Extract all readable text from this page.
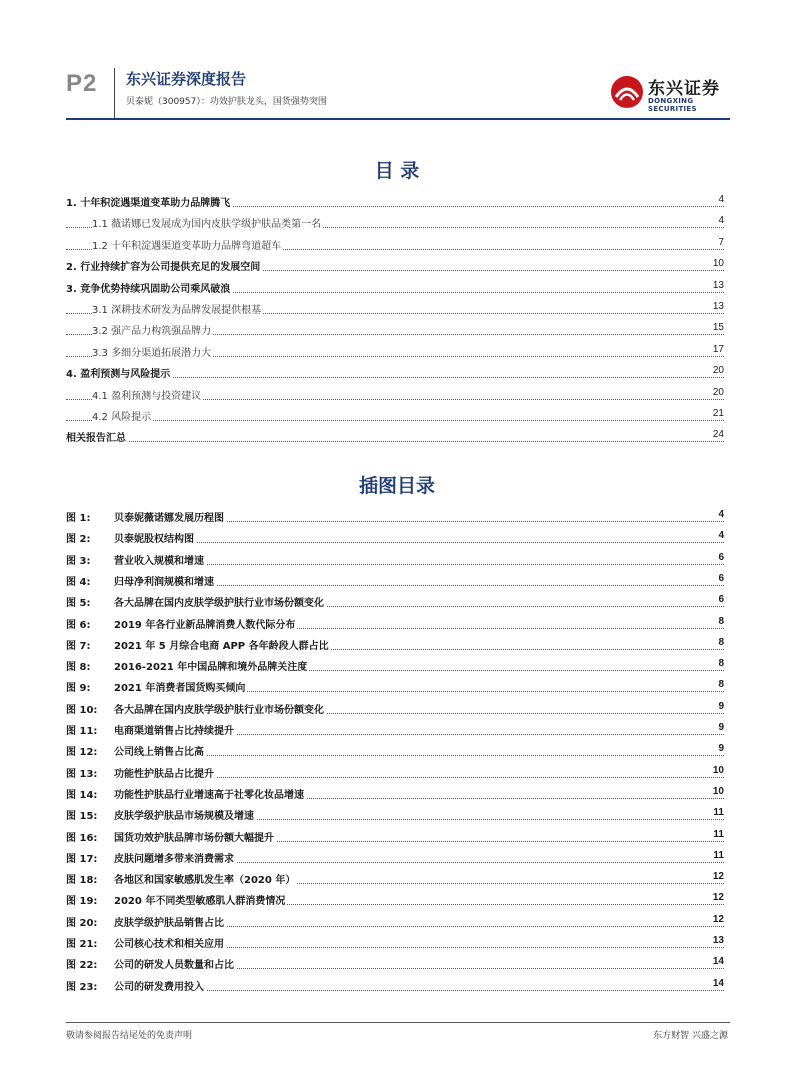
P2 东兴证券深度报告
贝泰妮（300957）：功效护肤龙头，国货强势突围
东兴证券
DONGXING SECURITIES
目 录
1. 十年积淀遇渠道变革助力品牌腾飞	4
1.1 薇诺娜已发展成为国内皮肤学级护肤品类第一名	4
1.2 十年积淀遇渠道变革助力品牌弯道超车	7
2. 行业持续扩容为公司提供充足的发展空间	10
3. 竞争优势持续巩固助公司乘风破浪	13
3.1 深耕技术研发为品牌发展提供根基	13
3.2 强产品力构筑强品牌力	15
3.3 多细分渠道拓展潜力大	17
4. 盈利预测与风险提示	20
4.1 盈利预测与投资建议	20
4.2 风险提示	21
相关报告汇总	24
插图目录
图 1:	贝泰妮薇诺娜发展历程图	4
图 2:	贝泰妮股权结构图	4
图 3:	营业收入规模和增速	6
图 4:	归母净利润规模和增速	6
图 5:	各大品牌在国内皮肤学级护肤行业市场份额变化	6
图 6:	2019 年各行业新品牌消费人数代际分布	8
图 7:	2021 年 5 月综合电商 APP 各年龄段人群占比	8
图 8:	2016-2021 年中国品牌和境外品牌关注度	8
图 9:	2021 年消费者国货购买倾向	8
图 10:	各大品牌在国内皮肤学级护肤行业市场份额变化	9
图 11:	电商渠道销售占比持续提升	9
图 12:	公司线上销售占比高	9
图 13:	功能性护肤品占比提升	10
图 14:	功能性护肤品行业增速高于社零化妆品增速	10
图 15:	皮肤学级护肤品市场规模及增速	11
图 16:	国货功效护肤品牌市场份额大幅提升	11
图 17:	皮肤问题增多带来消费需求	11
图 18:	各地区和国家敏感肌发生率（2020 年）	12
图 19:	2020 年不同类型敏感肌人群消费情况	12
图 20:	皮肤学级护肤品销售占比	12
图 21:	公司核心技术和相关应用	13
图 22:	公司的研发人员数量和占比	14
图 23:	公司的研发费用投入	14
敬请参阅报告结尾处的免责声明	东方财智 兴盛之源
